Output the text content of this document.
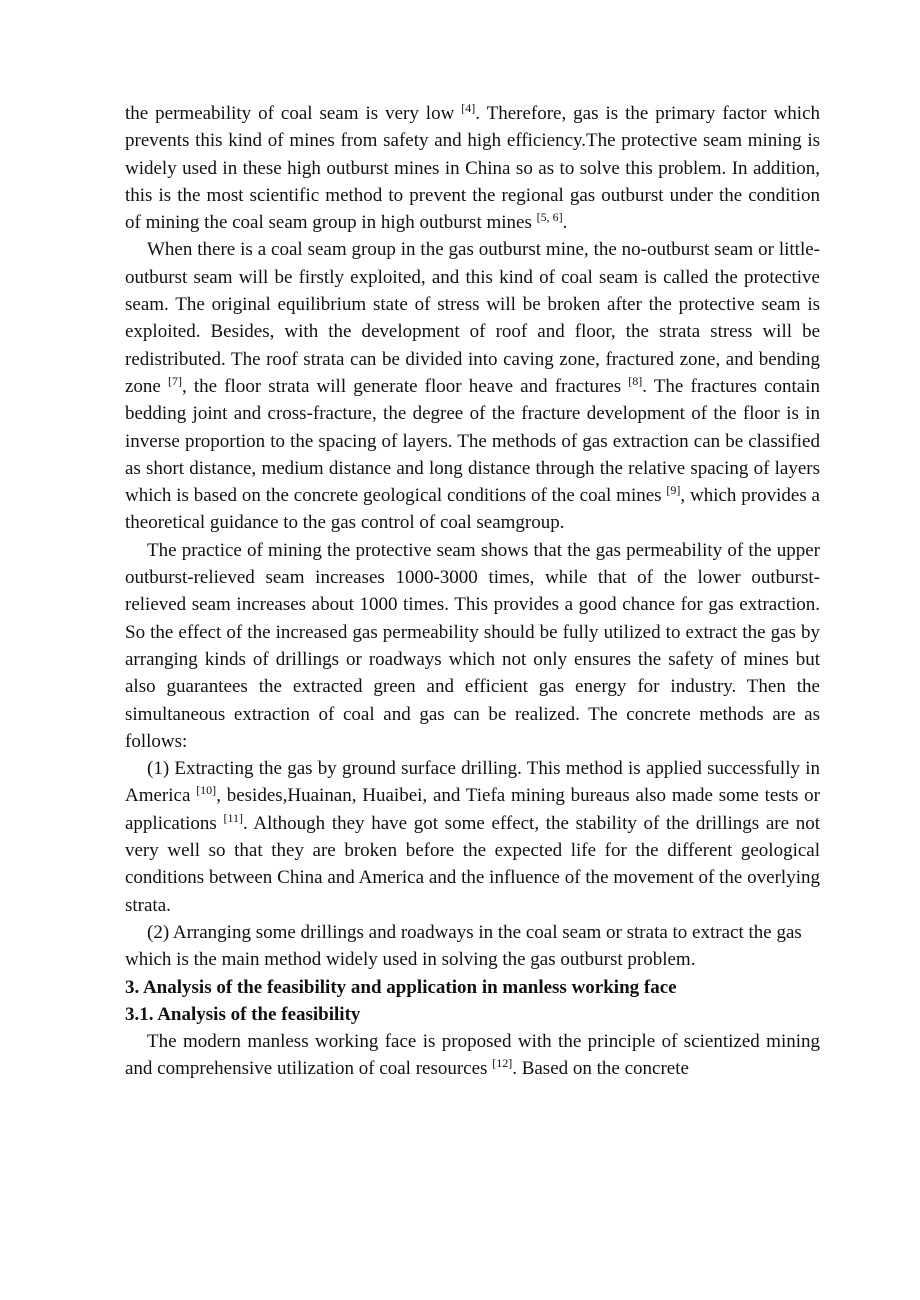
the permeability of coal seam is very low [4]. Therefore, gas is the primary factor which prevents this kind of mines from safety and high efficiency.The protective seam mining is widely used in these high outburst mines in China so as to solve this problem. In addition, this is the most scientific method to prevent the regional gas outburst under the condition of mining the coal seam group in high outburst mines [5, 6].

When there is a coal seam group in the gas outburst mine, the no-outburst seam or little-outburst seam will be firstly exploited, and this kind of coal seam is called the protective seam. The original equilibrium state of stress will be broken after the protective seam is exploited. Besides, with the development of roof and floor, the strata stress will be redistributed. The roof strata can be divided into caving zone, fractured zone, and bending zone [7], the floor strata will generate floor heave and fractures [8]. The fractures contain bedding joint and cross-fracture, the degree of the fracture development of the floor is in inverse proportion to the spacing of layers. The methods of gas extraction can be classified as short distance, medium distance and long distance through the relative spacing of layers which is based on the concrete geological conditions of the coal mines [9], which provides a theoretical guidance to the gas control of coal seamgroup.

The practice of mining the protective seam shows that the gas permeability of the upper outburst-relieved seam increases 1000-3000 times, while that of the lower outburst-relieved seam increases about 1000 times. This provides a good chance for gas extraction. So the effect of the increased gas permeability should be fully utilized to extract the gas by arranging kinds of drillings or roadways which not only ensures the safety of mines but also guarantees the extracted green and efficient gas energy for industry. Then the simultaneous extraction of coal and gas can be realized. The concrete methods are as follows:

(1) Extracting the gas by ground surface drilling. This method is applied successfully in America [10], besides,Huainan, Huaibei, and Tiefa mining bureaus also made some tests or applications [11]. Although they have got some effect, the stability of the drillings are not very well so that they are broken before the expected life for the different geological conditions between China and America and the influence of the movement of the overlying strata.

(2) Arranging some drillings and roadways in the coal seam or strata to extract the gas which is the main method widely used in solving the gas outburst problem.

3. Analysis of the feasibility and application in manless working face

3.1. Analysis of the feasibility

The modern manless working face is proposed with the principle of scientized mining and comprehensive utilization of coal resources [12]. Based on the concrete
